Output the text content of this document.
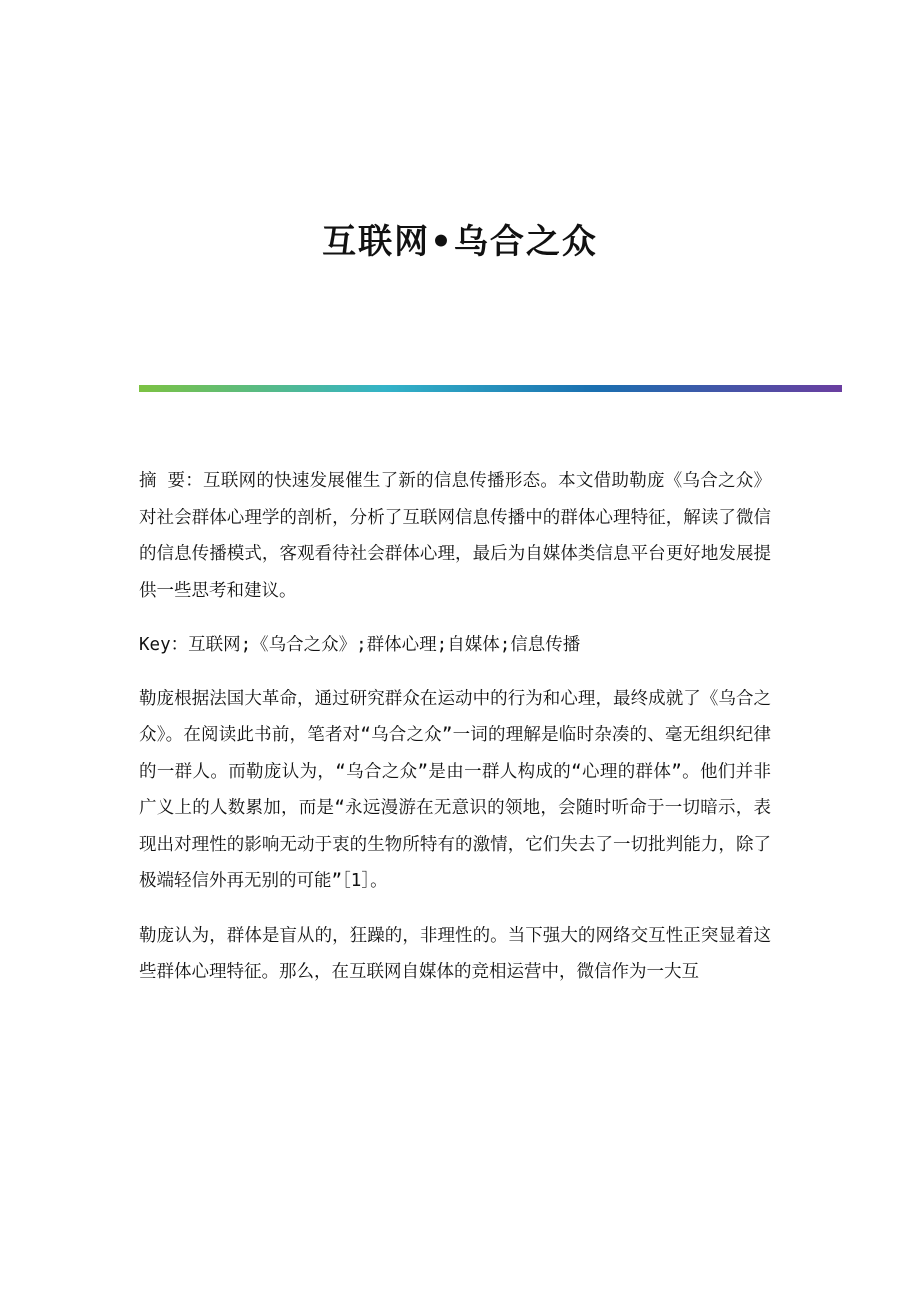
互联网•乌合之众

摘 要：互联网的快速发展催生了新的信息传播形态。本文借助勒庞《乌合之众》对社会群体心理学的剖析，分析了互联网信息传播中的群体心理特征，解读了微信的信息传播模式，客观看待社会群体心理，最后为自媒体类信息平台更好地发展提供一些思考和建议。

Key：互联网;《乌合之众》;群体心理;自媒体;信息传播

勒庞根据法国大革命，通过研究群众在运动中的行为和心理，最终成就了《乌合之众》。在阅读此书前，笔者对“乌合之众”一词的理解是临时杂凑的、毫无组织纪律的一群人。而勒庞认为，“乌合之众”是由一群人构成的“心理的群体”。他们并非广义上的人数累加，而是“永远漫游在无意识的领地，会随时听命于一切暗示，表现出对理性的影响无动于衷的生物所特有的激情，它们失去了一切批判能力，除了极端轻信外再无别的可能”［1］。

勒庞认为，群体是盲从的，狂躁的，非理性的。当下强大的网络交互性正突显着这些群体心理特征。那么，在互联网自媒体的竞相运营中，微信作为一大互
